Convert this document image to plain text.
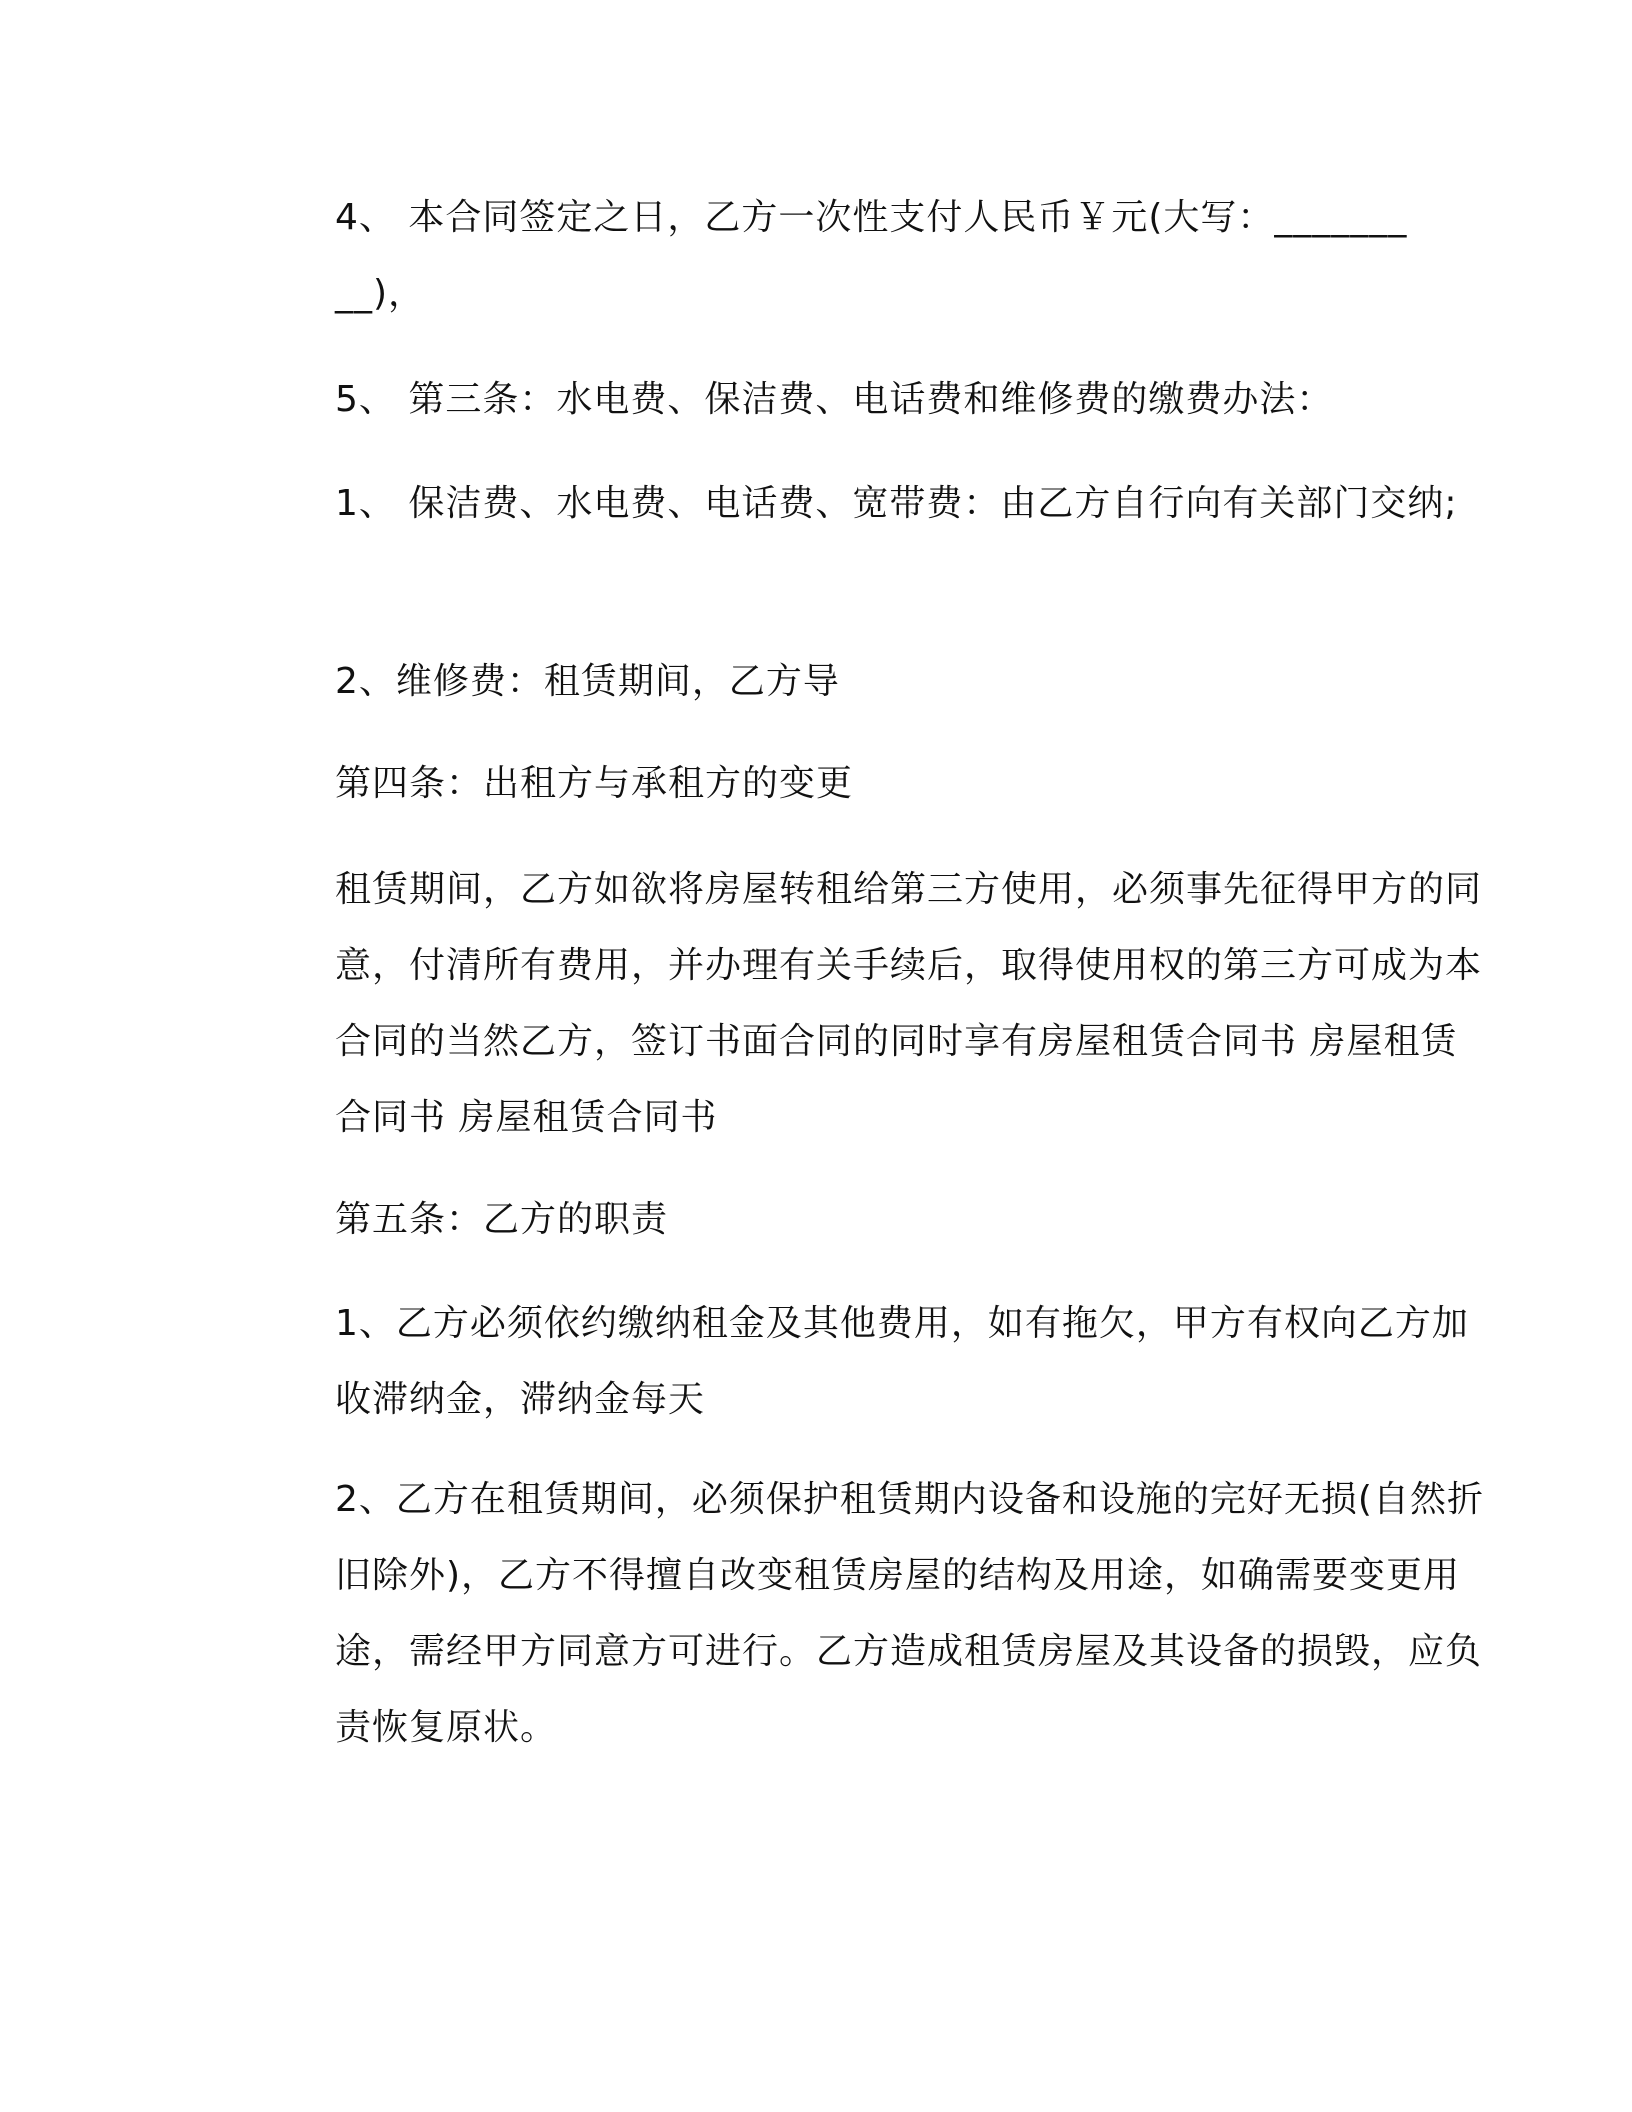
4、 本合同签定之日，乙方一次性支付人民币￥元(大写：_______ __)，
5、 第三条：水电费、保洁费、电话费和维修费的缴费办法：
1、 保洁费、水电费、电话费、宽带费：由乙方自行向有关部门交纳;
2、维修费：租赁期间，乙方导
第四条：出租方与承租方的变更
租赁期间，乙方如欲将房屋转租给第三方使用，必须事先征得甲方的同意，付清所有费用，并办理有关手续后，取得使用权的第三方可成为本合同的当然乙方，签订书面合同的同时享有房屋租赁合同书 房屋租赁合同书 房屋租赁合同书
第五条：乙方的职责
1、乙方必须依约缴纳租金及其他费用，如有拖欠，甲方有权向乙方加收滞纳金，滞纳金每天
2、乙方在租赁期间，必须保护租赁期内设备和设施的完好无损(自然折旧除外)，乙方不得擅自改变租赁房屋的结构及用途，如确需要变更用途，需经甲方同意方可进行。乙方造成租赁房屋及其设备的损毁，应负责恢复原状。
